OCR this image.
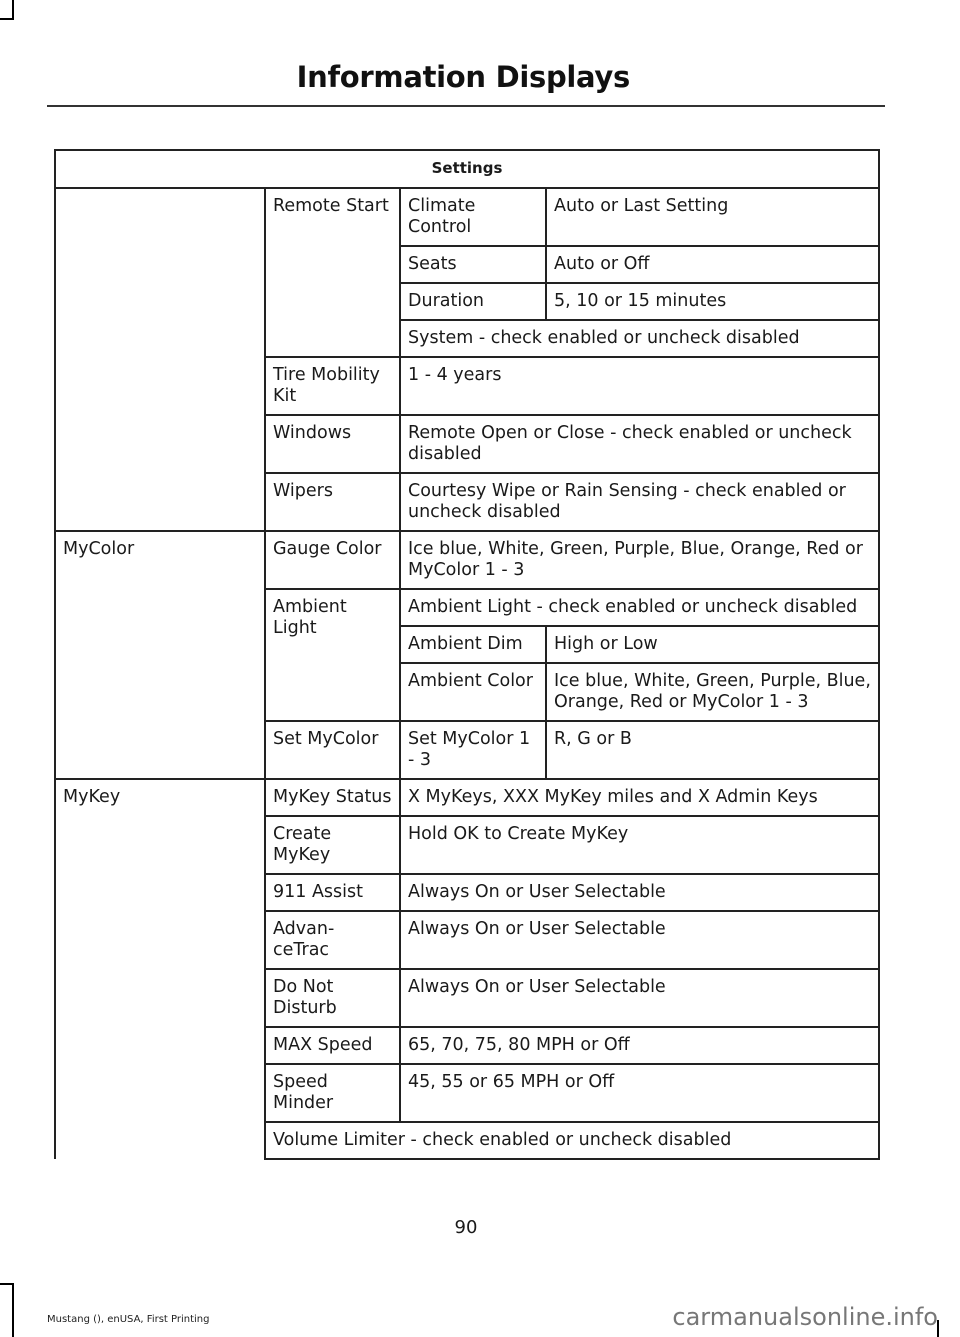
Information Displays
Settings			
	Remote Start	Climate Control	Auto or Last Setting
		Seats	Auto or Off
		Duration	5, 10 or 15 minutes
		System - check enabled or uncheck disabled	
	Tire Mobility Kit	1 - 4 years	
	Windows	Remote Open or Close - check enabled or uncheck disabled	
	Wipers	Courtesy Wipe or Rain Sensing - check enabled or uncheck disabled	
MyColor	Gauge Color	Ice blue, White, Green, Purple, Blue, Orange, Red or MyColor 1 - 3	
	Ambient Light	Ambient Light - check enabled or uncheck disabled	
		Ambient Dim	High or Low
		Ambient Color	Ice blue, White, Green, Purple, Blue, Orange, Red or MyColor 1 - 3
	Set MyColor	Set MyColor 1 - 3	R, G or B
MyKey	MyKey Status	X MyKeys, XXX MyKey miles and X Admin Keys	
	Create MyKey	Hold OK to Create MyKey	
	911 Assist	Always On or User Selectable	
	Advan- ceTrac	Always On or User Selectable	
	Do Not Disturb	Always On or User Selectable	
	MAX Speed	65, 70, 75, 80 MPH or Off	
	Speed Minder	45, 55 or 65 MPH or Off	
	Volume Limiter - check enabled or uncheck disabled		
90
Mustang (), enUSA, First Printing	carmanualsonline.info
